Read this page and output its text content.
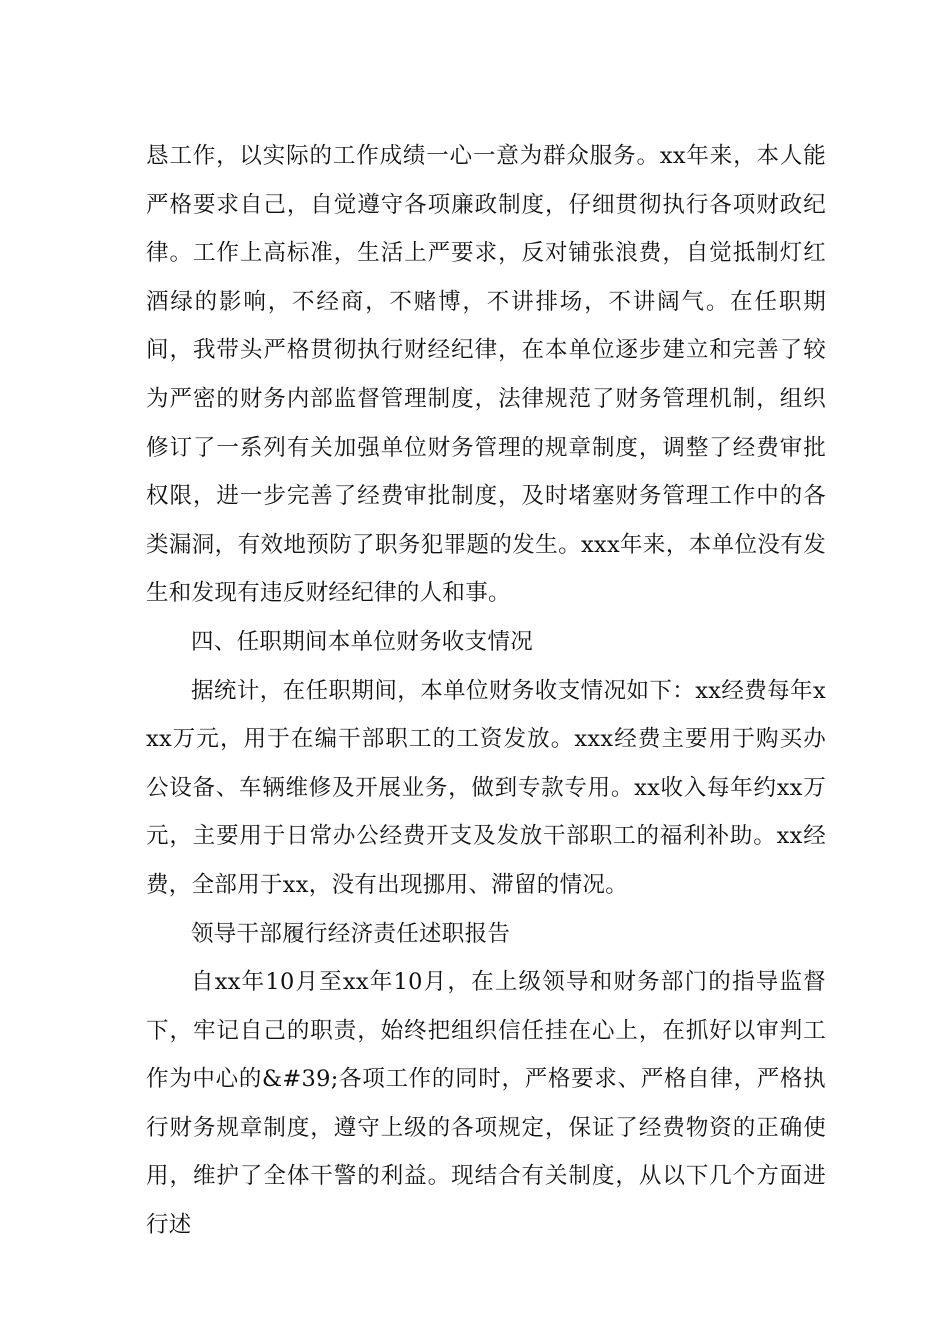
恳工作，以实际的工作成绩一心一意为群众服务。xx年来，本人能严格要求自己，自觉遵守各项廉政制度，仔细贯彻执行各项财政纪律。工作上高标准，生活上严要求，反对铺张浪费，自觉抵制灯红酒绿的影响，不经商，不赌博，不讲排场，不讲阔气。在任职期间，我带头严格贯彻执行财经纪律，在本单位逐步建立和完善了较为严密的财务内部监督管理制度，法律规范了财务管理机制，组织修订了一系列有关加强单位财务管理的规章制度，调整了经费审批权限，进一步完善了经费审批制度，及时堵塞财务管理工作中的各类漏洞，有效地预防了职务犯罪题的发生。xxx年来，本单位没有发生和发现有违反财经纪律的人和事。

四、任职期间本单位财务收支情况

据统计，在任职期间，本单位财务收支情况如下：xx经费每年xxx万元，用于在编干部职工的工资发放。xxx经费主要用于购买办公设备、车辆维修及开展业务，做到专款专用。xx收入每年约xx万元，主要用于日常办公经费开支及发放干部职工的福利补助。xx经费，全部用于xx，没有出现挪用、滞留的情况。

领导干部履行经济责任述职报告

自xx年10月至xx年10月，在上级领导和财务部门的指导监督下，牢记自己的职责，始终把组织信任挂在心上，在抓好以审判工作为中心的&#39;各项工作的同时，严格要求、严格自律，严格执行财务规章制度，遵守上级的各项规定，保证了经费物资的正确使用，维护了全体干警的利益。现结合有关制度，从以下几个方面进行述
